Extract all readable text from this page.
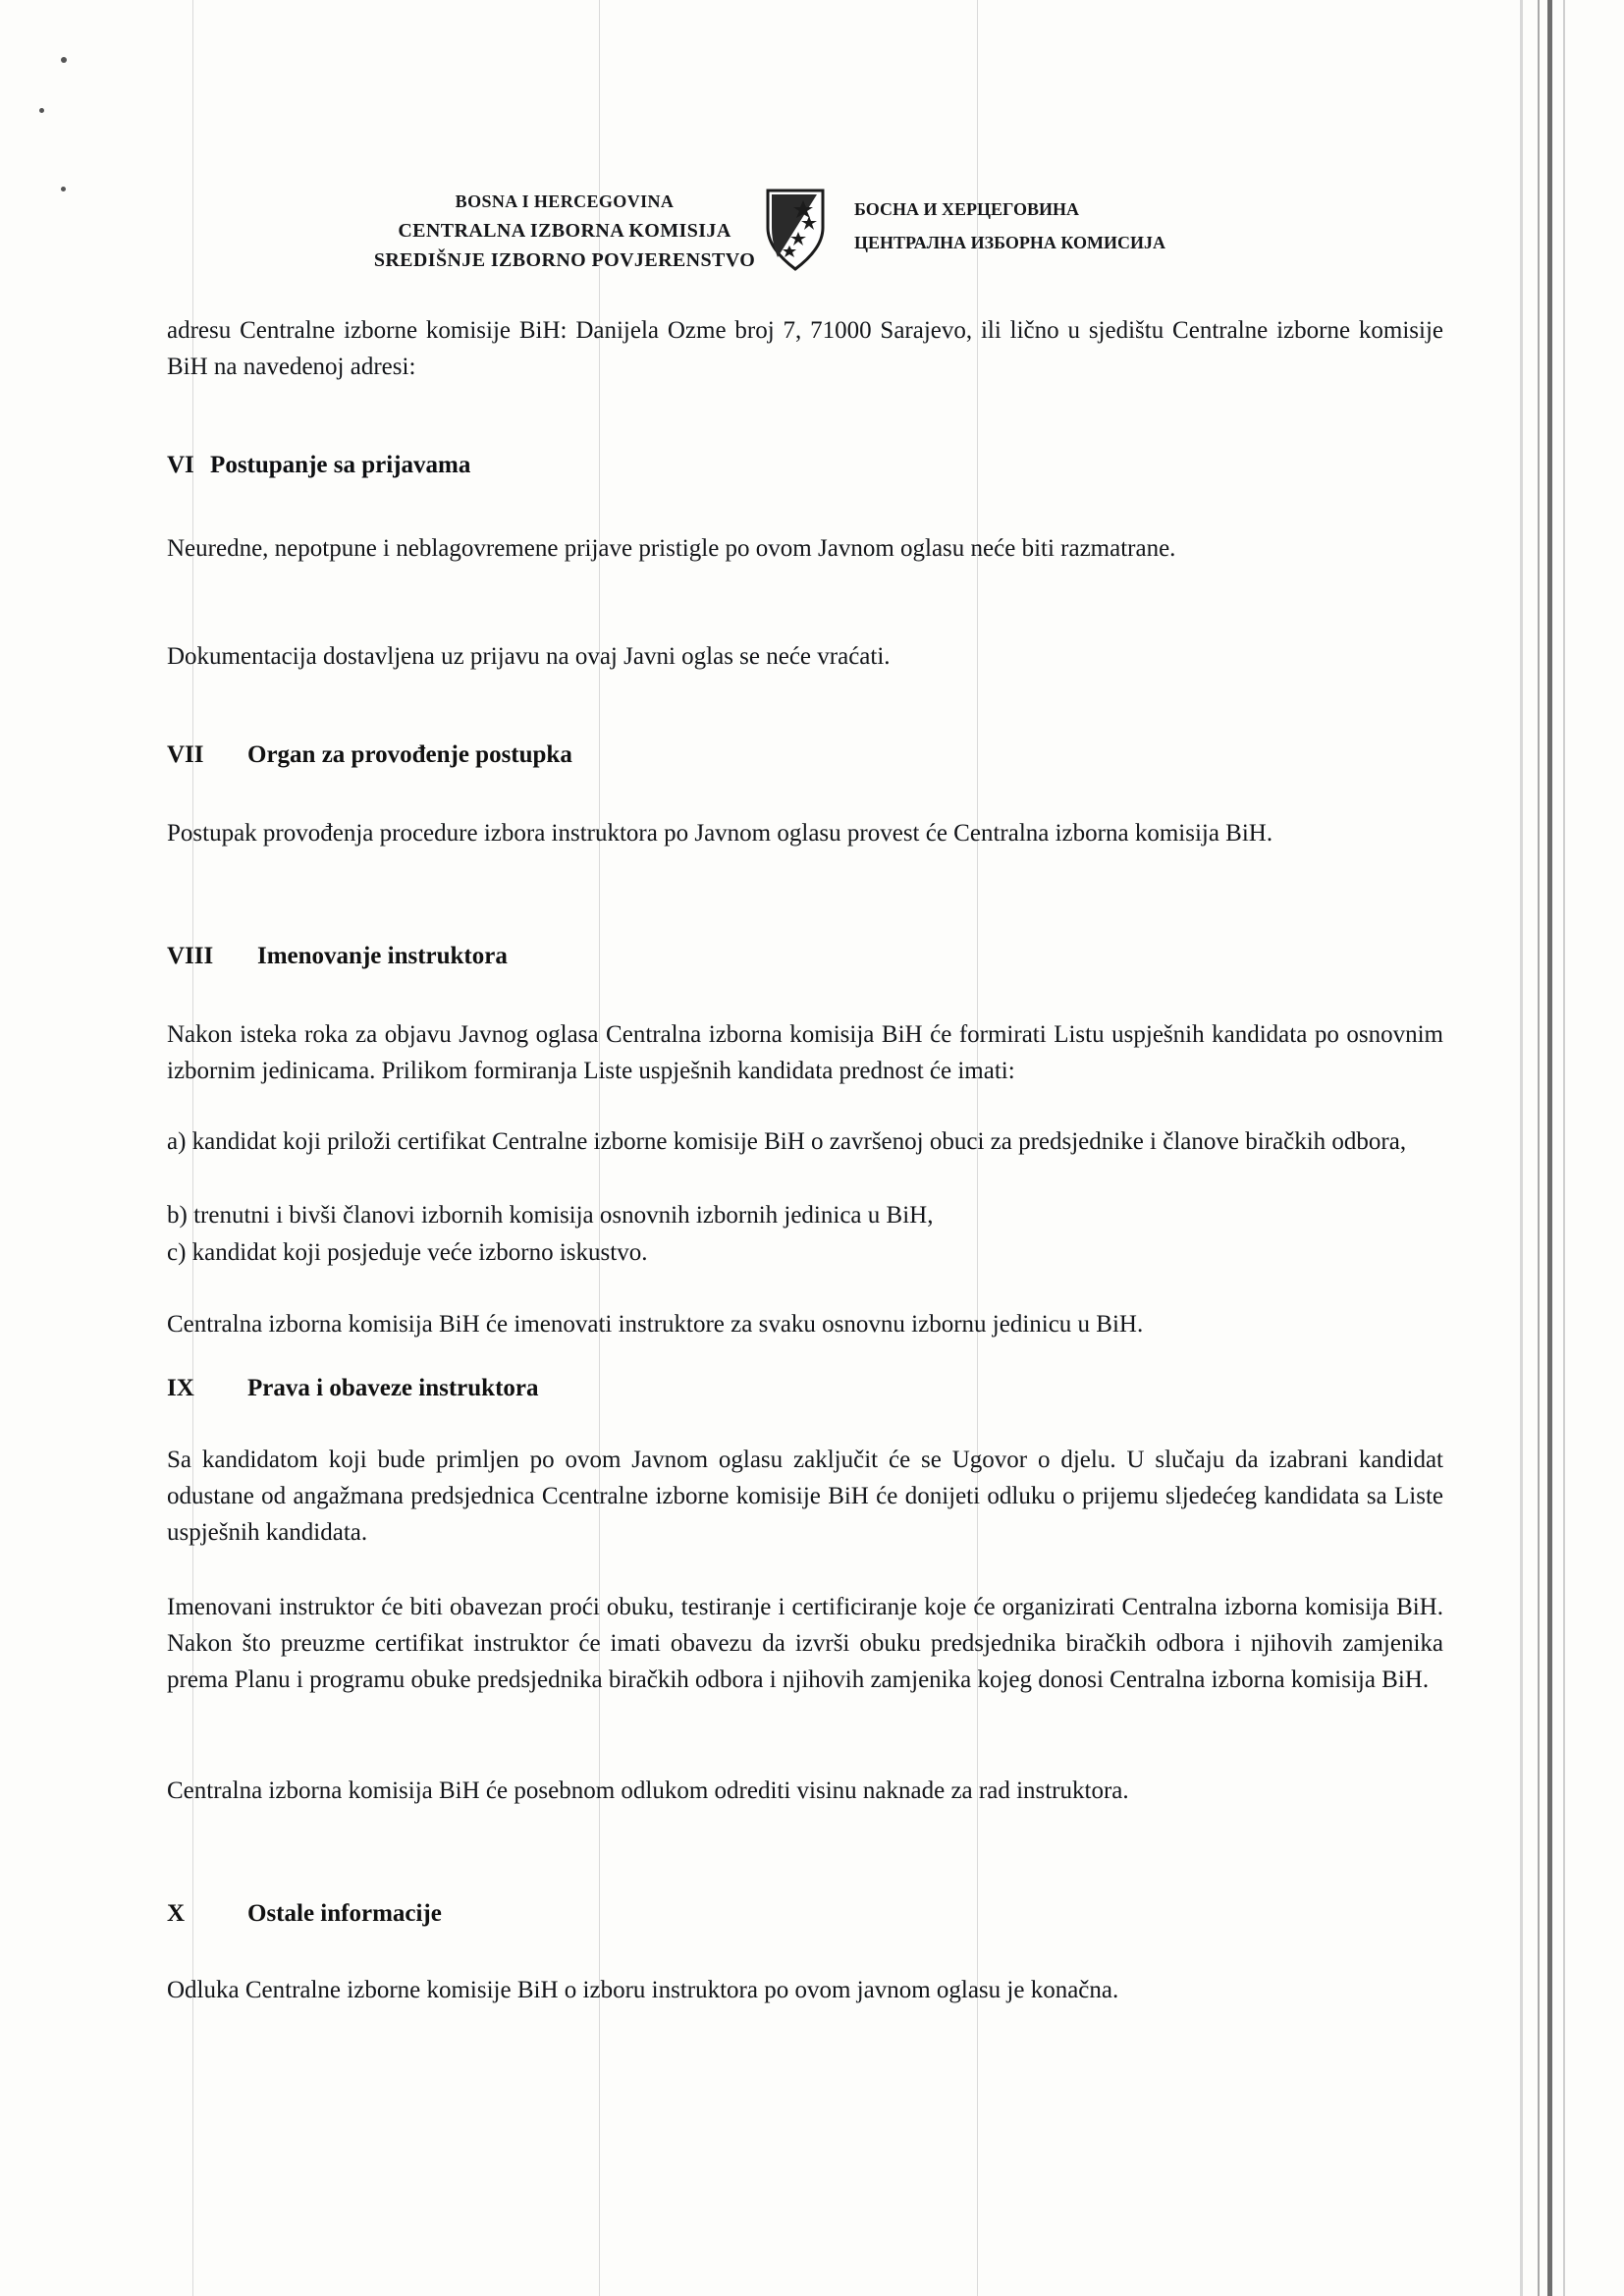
BOSNA I HERCEGOVINA
CENTRALNA IZBORNA KOMISIJA
SREDIŠNJE IZBORNO POVJERENSTVO
БОСНА И ХЕРЦЕГОВИНА
ЦЕНТРАЛНА ИЗБОРНА КОМИСИЈА
adresu Centralne izborne komisije BiH: Danijela Ozme broj 7, 71000 Sarajevo, ili lično u sjedištu Centralne izborne komisije BiH na navedenoj adresi:
VI Postupanje sa prijavama
Neuredne, nepotpune i neblagovremene prijave pristigle po ovom Javnom oglasu neće biti razmatrane.
Dokumentacija dostavljena uz prijavu na ovaj Javni oglas se neće vraćati.
VII Organ za provođenje postupka
Postupak provođenja procedure izbora instruktora po Javnom oglasu provest će Centralna izborna komisija BiH.
VIII Imenovanje instruktora
Nakon isteka roka za objavu Javnog oglasa Centralna izborna komisija BiH će formirati Listu uspješnih kandidata po osnovnim izbornim jedinicama. Prilikom formiranja Liste uspješnih kandidata prednost će imati:
a) kandidat koji priloži certifikat Centralne izborne komisije BiH o završenoj obuci za predsjednike i članove biračkih odbora,
b) trenutni i bivši članovi izbornih komisija osnovnih izbornih jedinica u BiH,
c) kandidat koji posjeduje veće izborno iskustvo.
Centralna izborna komisija BiH će imenovati instruktore za svaku osnovnu izbornu jedinicu u BiH.
IX Prava i obaveze instruktora
Sa kandidatom koji bude primljen po ovom Javnom oglasu zaključit će se Ugovor o djelu. U slučaju da izabrani kandidat odustane od angažmana predsjednica Ccentralne izborne komisije BiH će donijeti odluku o prijemu sljedećeg kandidata sa Liste uspješnih kandidata.
Imenovani instruktor će biti obavezan proći obuku, testiranje i certificiranje koje će organizirati Centralna izborna komisija BiH. Nakon što preuzme certifikat instruktor će imati obavezu da izvrši obuku predsjednika biračkih odbora i njihovih zamjenika prema Planu i programu obuke predsjednika biračkih odbora i njihovih zamjenika kojeg donosi Centralna izborna komisija BiH.
Centralna izborna komisija BiH će posebnom odlukom odrediti visinu naknade za rad instruktora.
X	Ostale informacije
Odluka Centralne izborne komisije BiH o izboru instruktora po ovom javnom oglasu je konačna.
